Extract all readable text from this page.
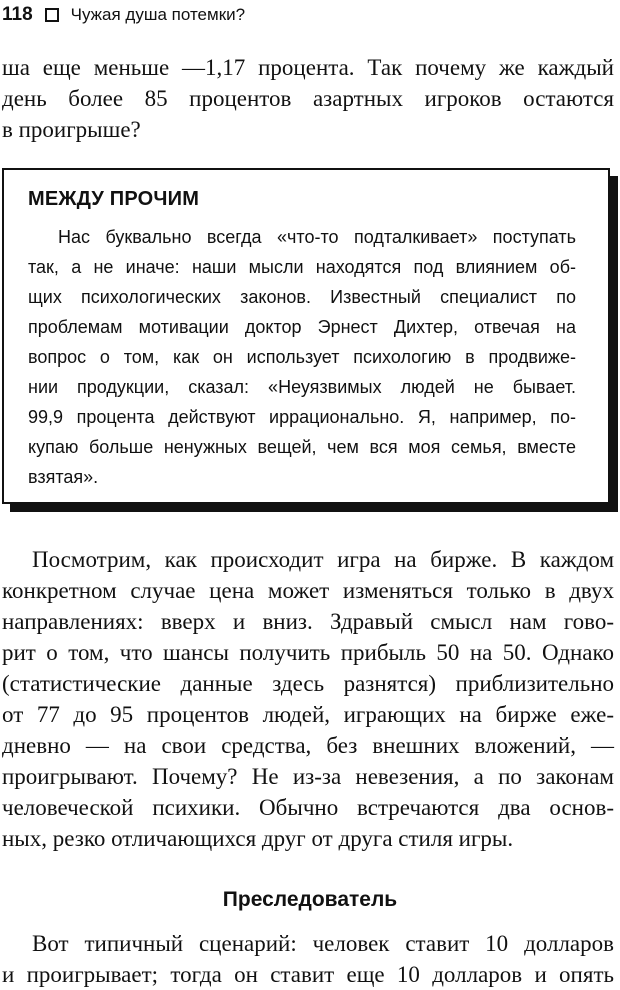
118 Чужая душа потемки?
ша еще меньше —1,17 процента. Так почему же каждый
день более 85 процентов азартных игроков остаются
в проигрыше?
МЕЖДУ ПРОЧИМ
Нас буквально всегда «что-то подталкивает» поступать
так, а не иначе: наши мысли находятся под влиянием об-
щих психологических законов. Известный специалист по
проблемам мотивации доктор Эрнест Дихтер, отвечая на
вопрос о том, как он использует психологию в продвиже-
нии продукции, сказал: «Неуязвимых людей не бывает.
99,9 процента действуют иррационально. Я, например, по-
купаю больше ненужных вещей, чем вся моя семья, вместе
взятая».
Посмотрим, как происходит игра на бирже. В каждом
конкретном случае цена может изменяться только в двух
направлениях: вверх и вниз. Здравый смысл нам гово-
рит о том, что шансы получить прибыль 50 на 50. Однако
(статистические данные здесь разнятся) приблизительно
от 77 до 95 процентов людей, играющих на бирже еже-
дневно — на свои средства, без внешних вложений, —
проигрывают. Почему? Не из-за невезения, а по законам
человеческой психики. Обычно встречаются два основ-
ных, резко отличающихся друг от друга стиля игры.
Преследователь
Вот типичный сценарий: человек ставит 10 долларов
и проигрывает; тогда он ставит еще 10 долларов и опять
